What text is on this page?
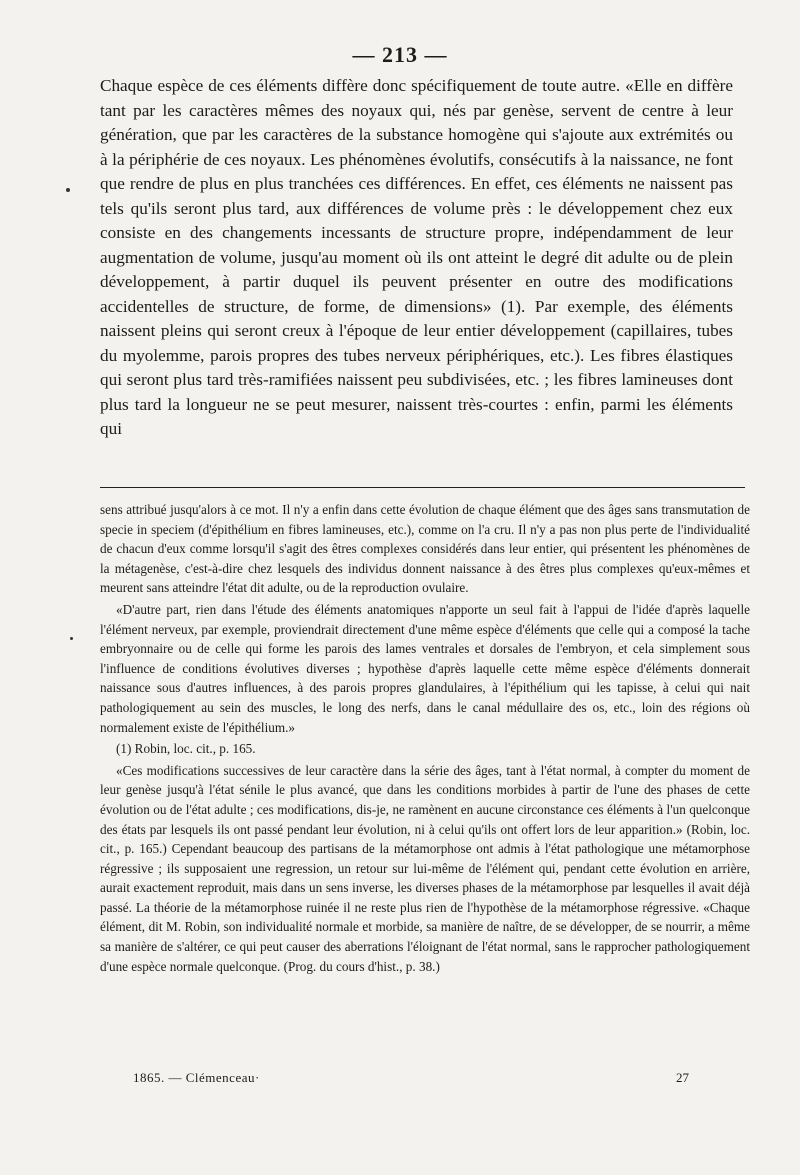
— 213 —

Chaque espèce de ces éléments diffère donc spécifiquement de toute autre. «Elle en diffère tant par les caractères mêmes des noyaux qui, nés par genèse, servent de centre à leur génération, que par les caractères de la substance homogène qui s'ajoute aux extrémités ou à la périphérie de ces noyaux. Les phénomènes évolutifs, consécutifs à la naissance, ne font que rendre de plus en plus tranchées ces différences. En effet, ces éléments ne naissent pas tels qu'ils seront plus tard, aux différences de volume près : le développement chez eux consiste en des changements incessants de structure propre, indépendamment de leur augmentation de volume, jusqu'au moment où ils ont atteint le degré dit adulte ou de plein développement, à partir duquel ils peuvent présenter en outre des modifications accidentelles de structure, de forme, de dimensions» (1). Par exemple, des éléments naissent pleins qui seront creux à l'époque de leur entier développement (capillaires, tubes du myolemme, parois propres des tubes nerveux périphériques, etc.). Les fibres élastiques qui seront plus tard très-ramifiées naissent peu subdivisées, etc. ; les fibres lamineuses dont plus tard la longueur ne se peut mesurer, naissent très-courtes : enfin, parmi les éléments qui

sens attribué jusqu'alors à ce mot. Il n'y a enfin dans cette évolution de chaque élément que des âges sans transmutation de specie in speciem (d'épithélium en fibres lamineuses, etc.), comme on l'a cru. Il n'y a pas non plus perte de l'individualité de chacun d'eux comme lorsqu'il s'agit des êtres complexes considérés dans leur entier, qui présentent les phénomènes de la métagenèse, c'est-à-dire chez lesquels des individus donnent naissance à des êtres plus complexes qu'eux-mêmes et meurent sans atteindre l'état dit adulte, ou de la reproduction ovulaire.

«D'autre part, rien dans l'étude des éléments anatomiques n'apporte un seul fait à l'appui de l'idée d'après laquelle l'élément nerveux, par exemple, proviendrait directement d'une même espèce d'éléments que celle qui a composé la tache embryonnaire ou de celle qui forme les parois des lames ventrales et dorsales de l'embryon, et cela simplement sous l'influence de conditions évolutives diverses ; hypothèse d'après laquelle cette même espèce d'éléments donnerait naissance sous d'autres influences, à des parois propres glandulaires, à l'épithélium qui les tapisse, à celui qui nait pathologiquement au sein des muscles, le long des nerfs, dans le canal médullaire des os, etc., loin des régions où normalement existe de l'épithélium.»

(1) Robin, loc. cit., p. 165.

«Ces modifications successives de leur caractère dans la série des âges, tant à l'état normal, à compter du moment de leur genèse jusqu'à l'état sénile le plus avancé, que dans les conditions morbides à partir de l'une des phases de cette évolution ou de l'état adulte ; ces modifications, dis-je, ne ramènent en aucune circonstance ces éléments à l'un quelconque des états par lesquels ils ont passé pendant leur évolution, ni à celui qu'ils ont offert lors de leur apparition.» (Robin, loc. cit., p. 165.) Cependant beaucoup des partisans de la métamorphose ont admis à l'état pathologique une métamorphose régressive ; ils supposaient une regression, un retour sur lui-même de l'élément qui, pendant cette évolution en arrière, aurait exactement reproduit, mais dans un sens inverse, les diverses phases de la métamorphose par lesquelles il avait déjà passé. La théorie de la métamorphose ruinée il ne reste plus rien de l'hypothèse de la métamorphose régressive. «Chaque élément, dit M. Robin, son individualité normale et morbide, sa manière de naître, de se développer, de se nourrir, a même sa manière de s'altérer, ce qui peut causer des aberrations l'éloignant de l'état normal, sans le rapprocher pathologiquement d'une espèce normale quelconque. (Prog. du cours d'hist., p. 38.)

1865. — Clémenceau·	27
